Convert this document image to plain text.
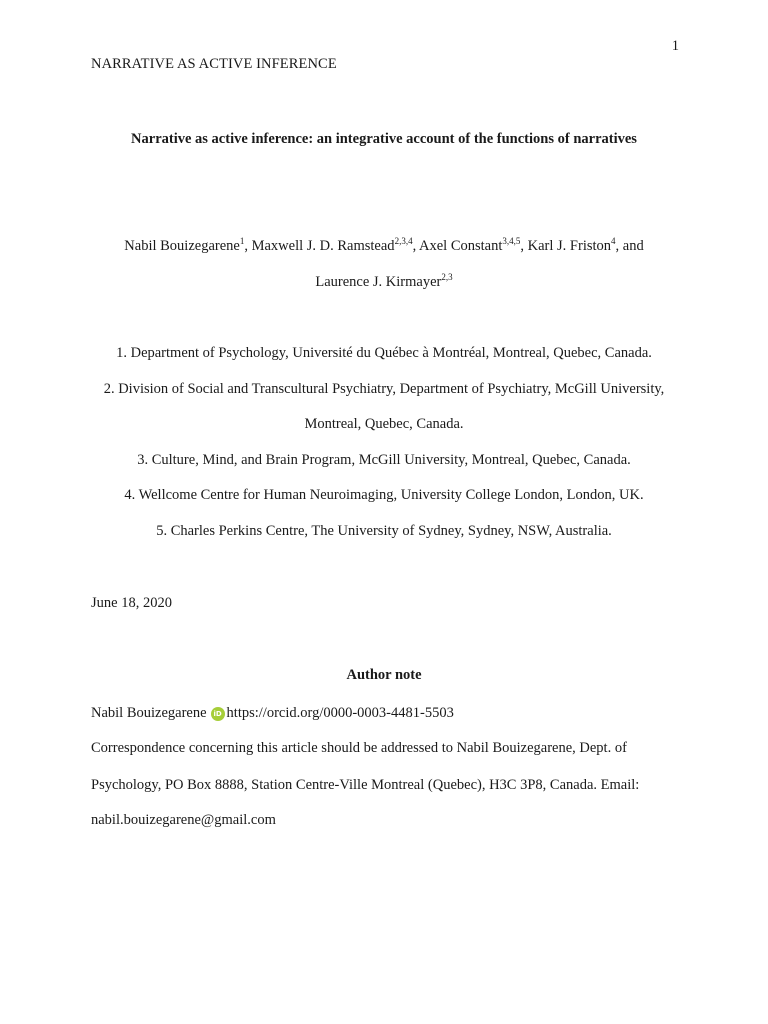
1
NARRATIVE AS ACTIVE INFERENCE
Narrative as active inference: an integrative account of the functions of narratives
Nabil Bouizegarene$^1$, Maxwell J. D. Ramstead$^{2,3,4}$, Axel Constant$^{3,4,5}$, Karl J. Friston$^4$, and
Laurence J. Kirmayer$^{2,3}$
1. Department of Psychology, Université du Québec à Montréal, Montreal, Quebec, Canada.
2. Division of Social and Transcultural Psychiatry, Department of Psychiatry, McGill University,
Montreal, Quebec, Canada.
3. Culture, Mind, and Brain Program, McGill University, Montreal, Quebec, Canada.
4. Wellcome Centre for Human Neuroimaging, University College London, London, UK.
5. Charles Perkins Centre, The University of Sydney, Sydney, NSW, Australia.
June 18, 2020
Author note
Nabil Bouizegarene iD https://orcid.org/0000-0003-4481-5503
Correspondence concerning this article should be addressed to Nabil Bouizegarene, Dept. of
Psychology, PO Box 8888, Station Centre-Ville Montreal (Quebec), H3C 3P8, Canada. Email:
nabil.bouizegarene@gmail.com
